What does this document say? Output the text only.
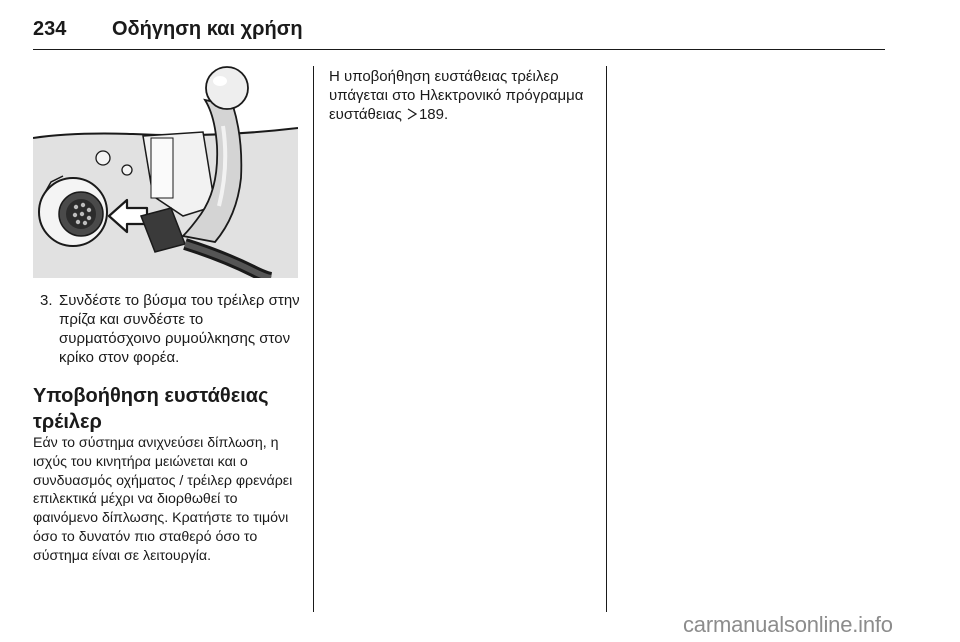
234 Οδήγηση και χρήση
3. Συνδέστε το βύσμα του τρέιλερ στην πρίζα και συνδέστε το συρματόσχοινο ρυμούλκησης στον κρίκο στον φορέα.
Υποβοήθηση ευστάθειας τρέιλερ
Εάν το σύστημα ανιχνεύσει δίπλωση, η ισχύς του κινητήρα μειώνεται και ο συνδυασμός οχήματος / τρέιλερ φρενάρει επιλεκτικά μέχρι να διορθωθεί το φαινόμενο δίπλωσης. Κρατήστε το τιμόνι όσο το δυνατόν πιο σταθερό όσο το σύστημα είναι σε λειτουργία.
Η υποβοήθηση ευστάθειας τρέιλερ υπάγεται στο Ηλεκτρονικό πρόγραμμα ευστάθειας 189.
carmanualsonline.info
